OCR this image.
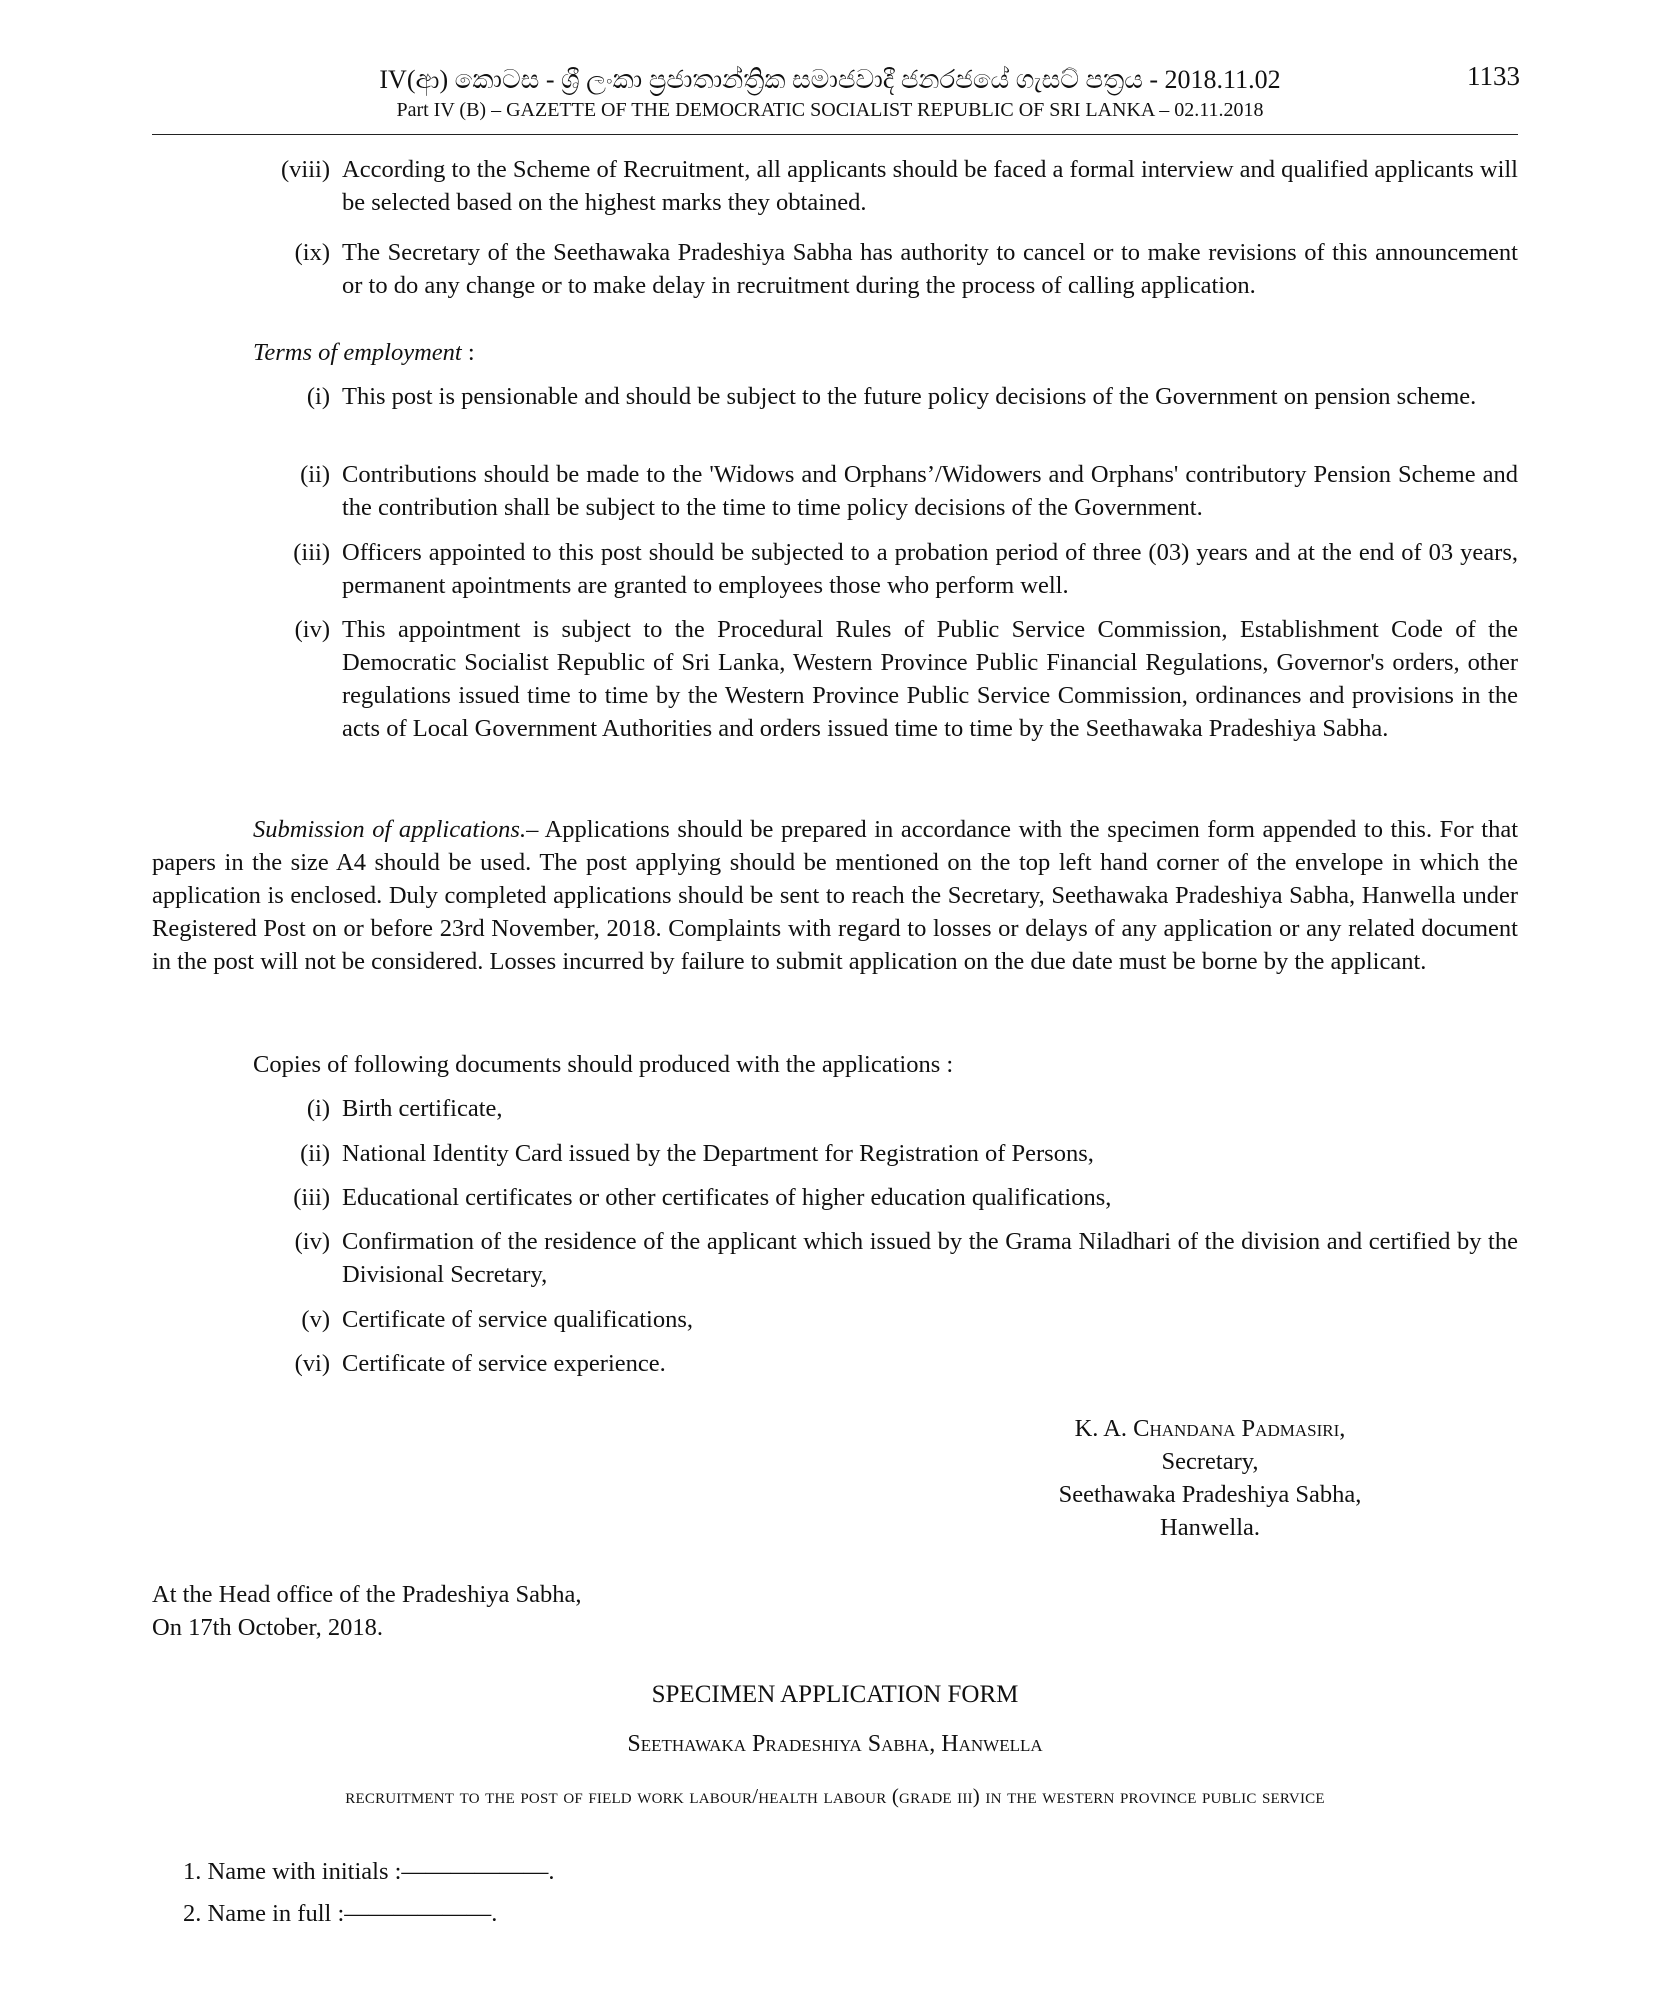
IV(ආ) කොටස - ශ්‍රී ලංකා ප්‍රජාතාන්ත්‍රික සමාජවාදී ජනරජයේ ගැසට් පත්‍රය - 2018.11.02
Part IV (B) – GAZETTE OF THE DEMOCRATIC SOCIALIST REPUBLIC OF SRI LANKA – 02.11.2018
1133
(viii) According to the Scheme of Recruitment, all applicants should be faced a formal interview and qualified applicants will be selected based on the highest marks they obtained.
(ix) The Secretary of the Seethawaka Pradeshiya Sabha has authority to cancel or to make revisions of this announcement or to do any change or to make delay in recruitment during the process of calling application.
Terms of employment :
(i) This post is pensionable and should be subject to the future policy decisions of the Government on pension scheme.
(ii) Contributions should be made to the 'Widows and Orphans’/Widowers and Orphans' contributory Pension Scheme and the contribution shall be subject to the time to time policy decisions of the Government.
(iii) Officers appointed to this post should be subjected to a probation period of three (03) years and at the end of 03 years, permanent apointments are granted to employees those who perform well.
(iv) This appointment is subject to the Procedural Rules of Public Service Commission, Establishment Code of the Democratic Socialist Republic of Sri Lanka, Western Province Public Financial Regulations, Governor's orders, other regulations issued time to time by the Western Province Public Service Commission, ordinances and provisions in the acts of Local Government Authorities and orders issued time to time by the Seethawaka Pradeshiya Sabha.
Submission of applications.– Applications should be prepared in accordance with the specimen form appended to this. For that papers in the size A4 should be used. The post applying should be mentioned on the top left hand corner of the envelope in which the application is enclosed. Duly completed applications should be sent to reach the Secretary, Seethawaka Pradeshiya Sabha, Hanwella under Registered Post on or before 23rd November, 2018. Complaints with regard to losses or delays of any application or any related document in the post will not be considered. Losses incurred by failure to submit application on the due date must be borne by the applicant.
Copies of following documents should produced with the applications :
(i) Birth certificate,
(ii) National Identity Card issued by the Department for Registration of Persons,
(iii) Educational certificates or other certificates of higher education qualifications,
(iv) Confirmation of the residence of the applicant which issued by the Grama Niladhari of the division and certified by the Divisional Secretary,
(v) Certificate of service qualifications,
(vi) Certificate of service experience.
K. A. Chandana Padmasiri,
Secretary,
Seethawaka Pradeshiya Sabha,
Hanwella.
At the Head office of the Pradeshiya Sabha,
On 17th October, 2018.
SPECIMEN APPLICATION FORM
Seethawaka Pradeshiya Sabha, Hanwella
recruitment to the post of field work labour/health labour (grade iii) in the western province public service
1. Name with initials :——————.
2. Name in full :——————.
